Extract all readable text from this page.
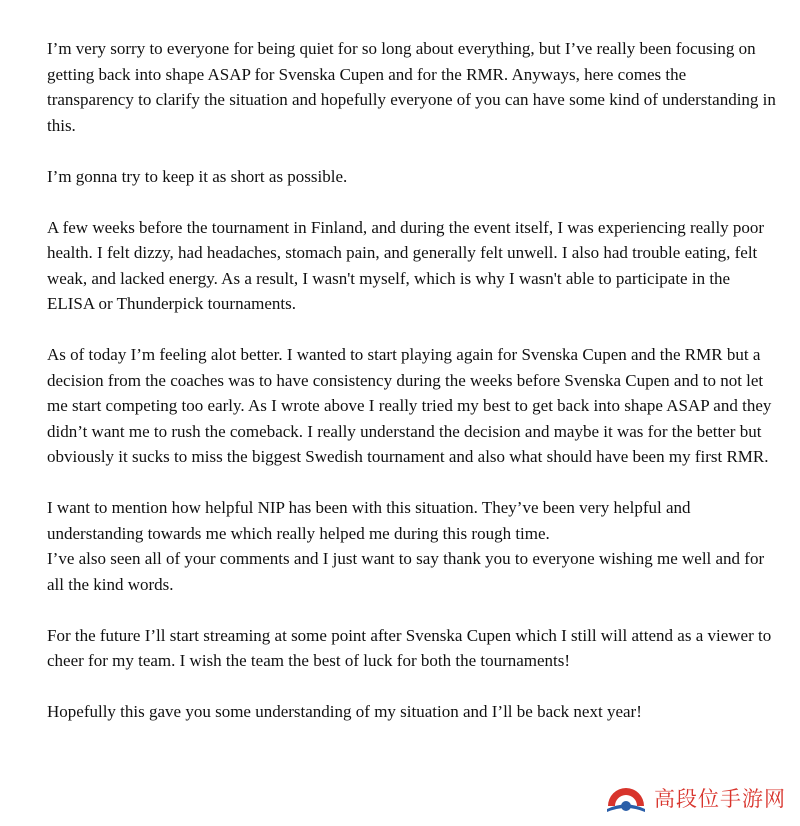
I’m very sorry to everyone for being quiet for so long about everything, but I’ve really been focusing on getting back into shape ASAP for Svenska Cupen and for the RMR. Anyways, here comes the transparency to clarify the situation and hopefully everyone of you can have some kind of understanding in this.

I’m gonna try to keep it as short as possible.

A few weeks before the tournament in Finland, and during the event itself, I was experiencing really poor health. I felt dizzy, had headaches, stomach pain, and generally felt unwell. I also had trouble eating, felt weak, and lacked energy. As a result, I wasn't myself, which is why I wasn't able to participate in the ELISA or Thunderpick tournaments.

As of today I’m feeling alot better. I wanted to start playing again for Svenska Cupen and the RMR but a decision from the coaches was to have consistency during the weeks before Svenska Cupen and to not let me start competing too early. As I wrote above I really tried my best to get back into shape ASAP and they didn’t want me to rush the comeback. I really understand the decision and maybe it was for the better but obviously it sucks to miss the biggest Swedish tournament and also what should have been my first RMR.

I want to mention how helpful NIP has been with this situation. They’ve been very helpful and understanding towards me which really helped me during this rough time.
I’ve also seen all of your comments and I just want to say thank you to everyone wishing me well and for all the kind words.

For the future I’ll start streaming at some point after Svenska Cupen which I still will attend as a viewer to cheer for my team. I wish the team the best of luck for both the tournaments!

Hopefully this gave you some understanding of my situation and I’ll be back next year!

高段位手游网
